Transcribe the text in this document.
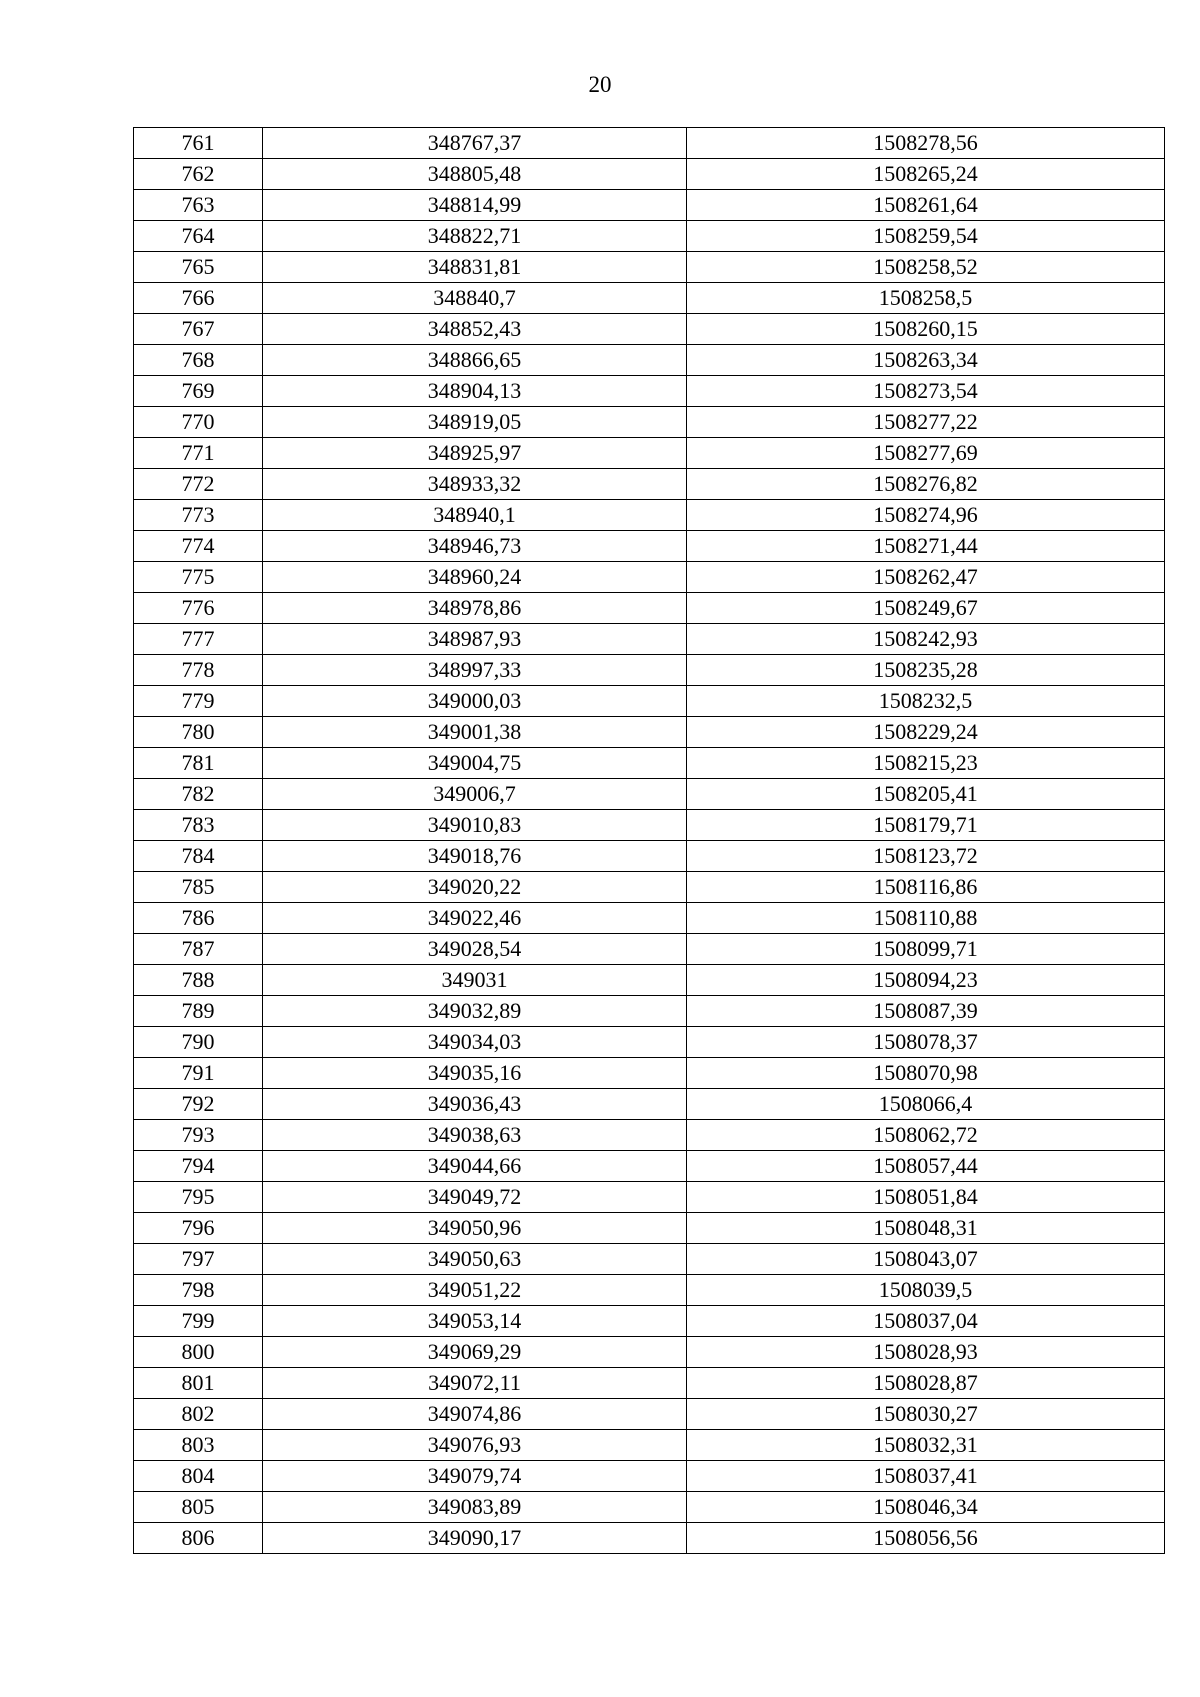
20
761	348767,37	1508278,56
762	348805,48	1508265,24
763	348814,99	1508261,64
764	348822,71	1508259,54
765	348831,81	1508258,52
766	348840,7	1508258,5
767	348852,43	1508260,15
768	348866,65	1508263,34
769	348904,13	1508273,54
770	348919,05	1508277,22
771	348925,97	1508277,69
772	348933,32	1508276,82
773	348940,1	1508274,96
774	348946,73	1508271,44
775	348960,24	1508262,47
776	348978,86	1508249,67
777	348987,93	1508242,93
778	348997,33	1508235,28
779	349000,03	1508232,5
780	349001,38	1508229,24
781	349004,75	1508215,23
782	349006,7	1508205,41
783	349010,83	1508179,71
784	349018,76	1508123,72
785	349020,22	1508116,86
786	349022,46	1508110,88
787	349028,54	1508099,71
788	349031	1508094,23
789	349032,89	1508087,39
790	349034,03	1508078,37
791	349035,16	1508070,98
792	349036,43	1508066,4
793	349038,63	1508062,72
794	349044,66	1508057,44
795	349049,72	1508051,84
796	349050,96	1508048,31
797	349050,63	1508043,07
798	349051,22	1508039,5
799	349053,14	1508037,04
800	349069,29	1508028,93
801	349072,11	1508028,87
802	349074,86	1508030,27
803	349076,93	1508032,31
804	349079,74	1508037,41
805	349083,89	1508046,34
806	349090,17	1508056,56
